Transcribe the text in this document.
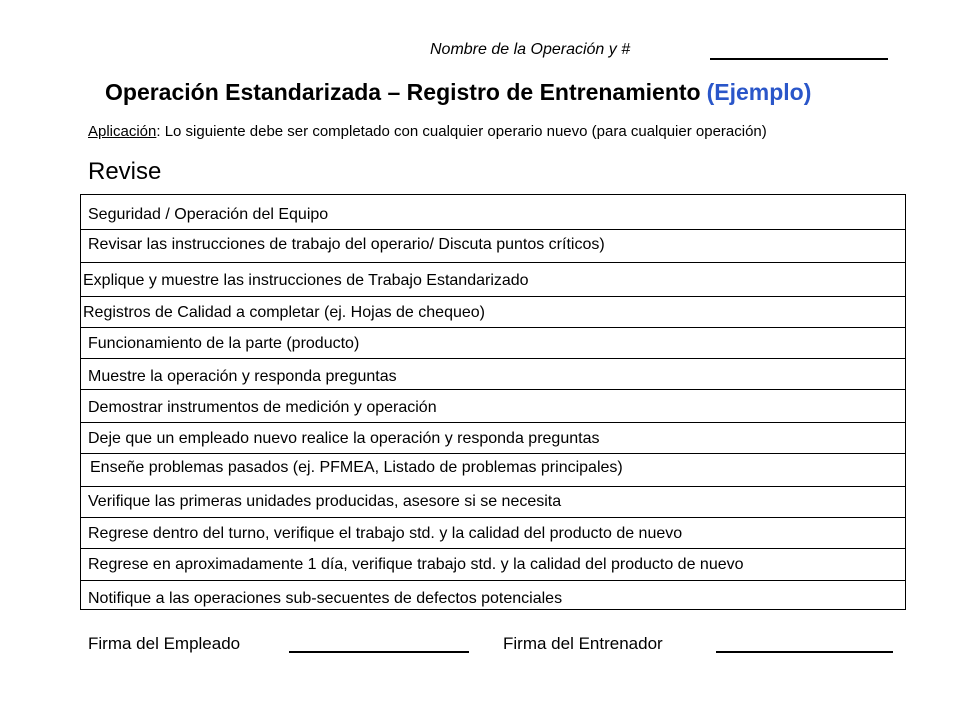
Nombre de la Operación y #
Operación Estandarizada – Registro de Entrenamiento (Ejemplo)
Aplicación: Lo siguiente debe ser completado con cualquier operario nuevo (para cualquier operación)
Revise
Seguridad / Operación del Equipo
Revisar las instrucciones de trabajo del operario/ Discuta puntos críticos)
Explique y muestre las instrucciones de Trabajo Estandarizado
Registros de Calidad a completar (ej. Hojas de chequeo)
Funcionamiento de la parte (producto)
Muestre la operación y responda preguntas
Demostrar instrumentos de medición y operación
Deje que un empleado nuevo realice la operación y responda preguntas
Enseñe problemas pasados (ej. PFMEA, Listado de problemas principales)
Verifique las primeras unidades producidas, asesore si se necesita
Regrese dentro del turno, verifique el trabajo std. y la calidad del producto de nuevo
Regrese en aproximadamente 1 día, verifique trabajo std. y la calidad del producto de nuevo
Notifique a las operaciones sub-secuentes de defectos potenciales
Firma del Empleado	Firma del Entrenador
